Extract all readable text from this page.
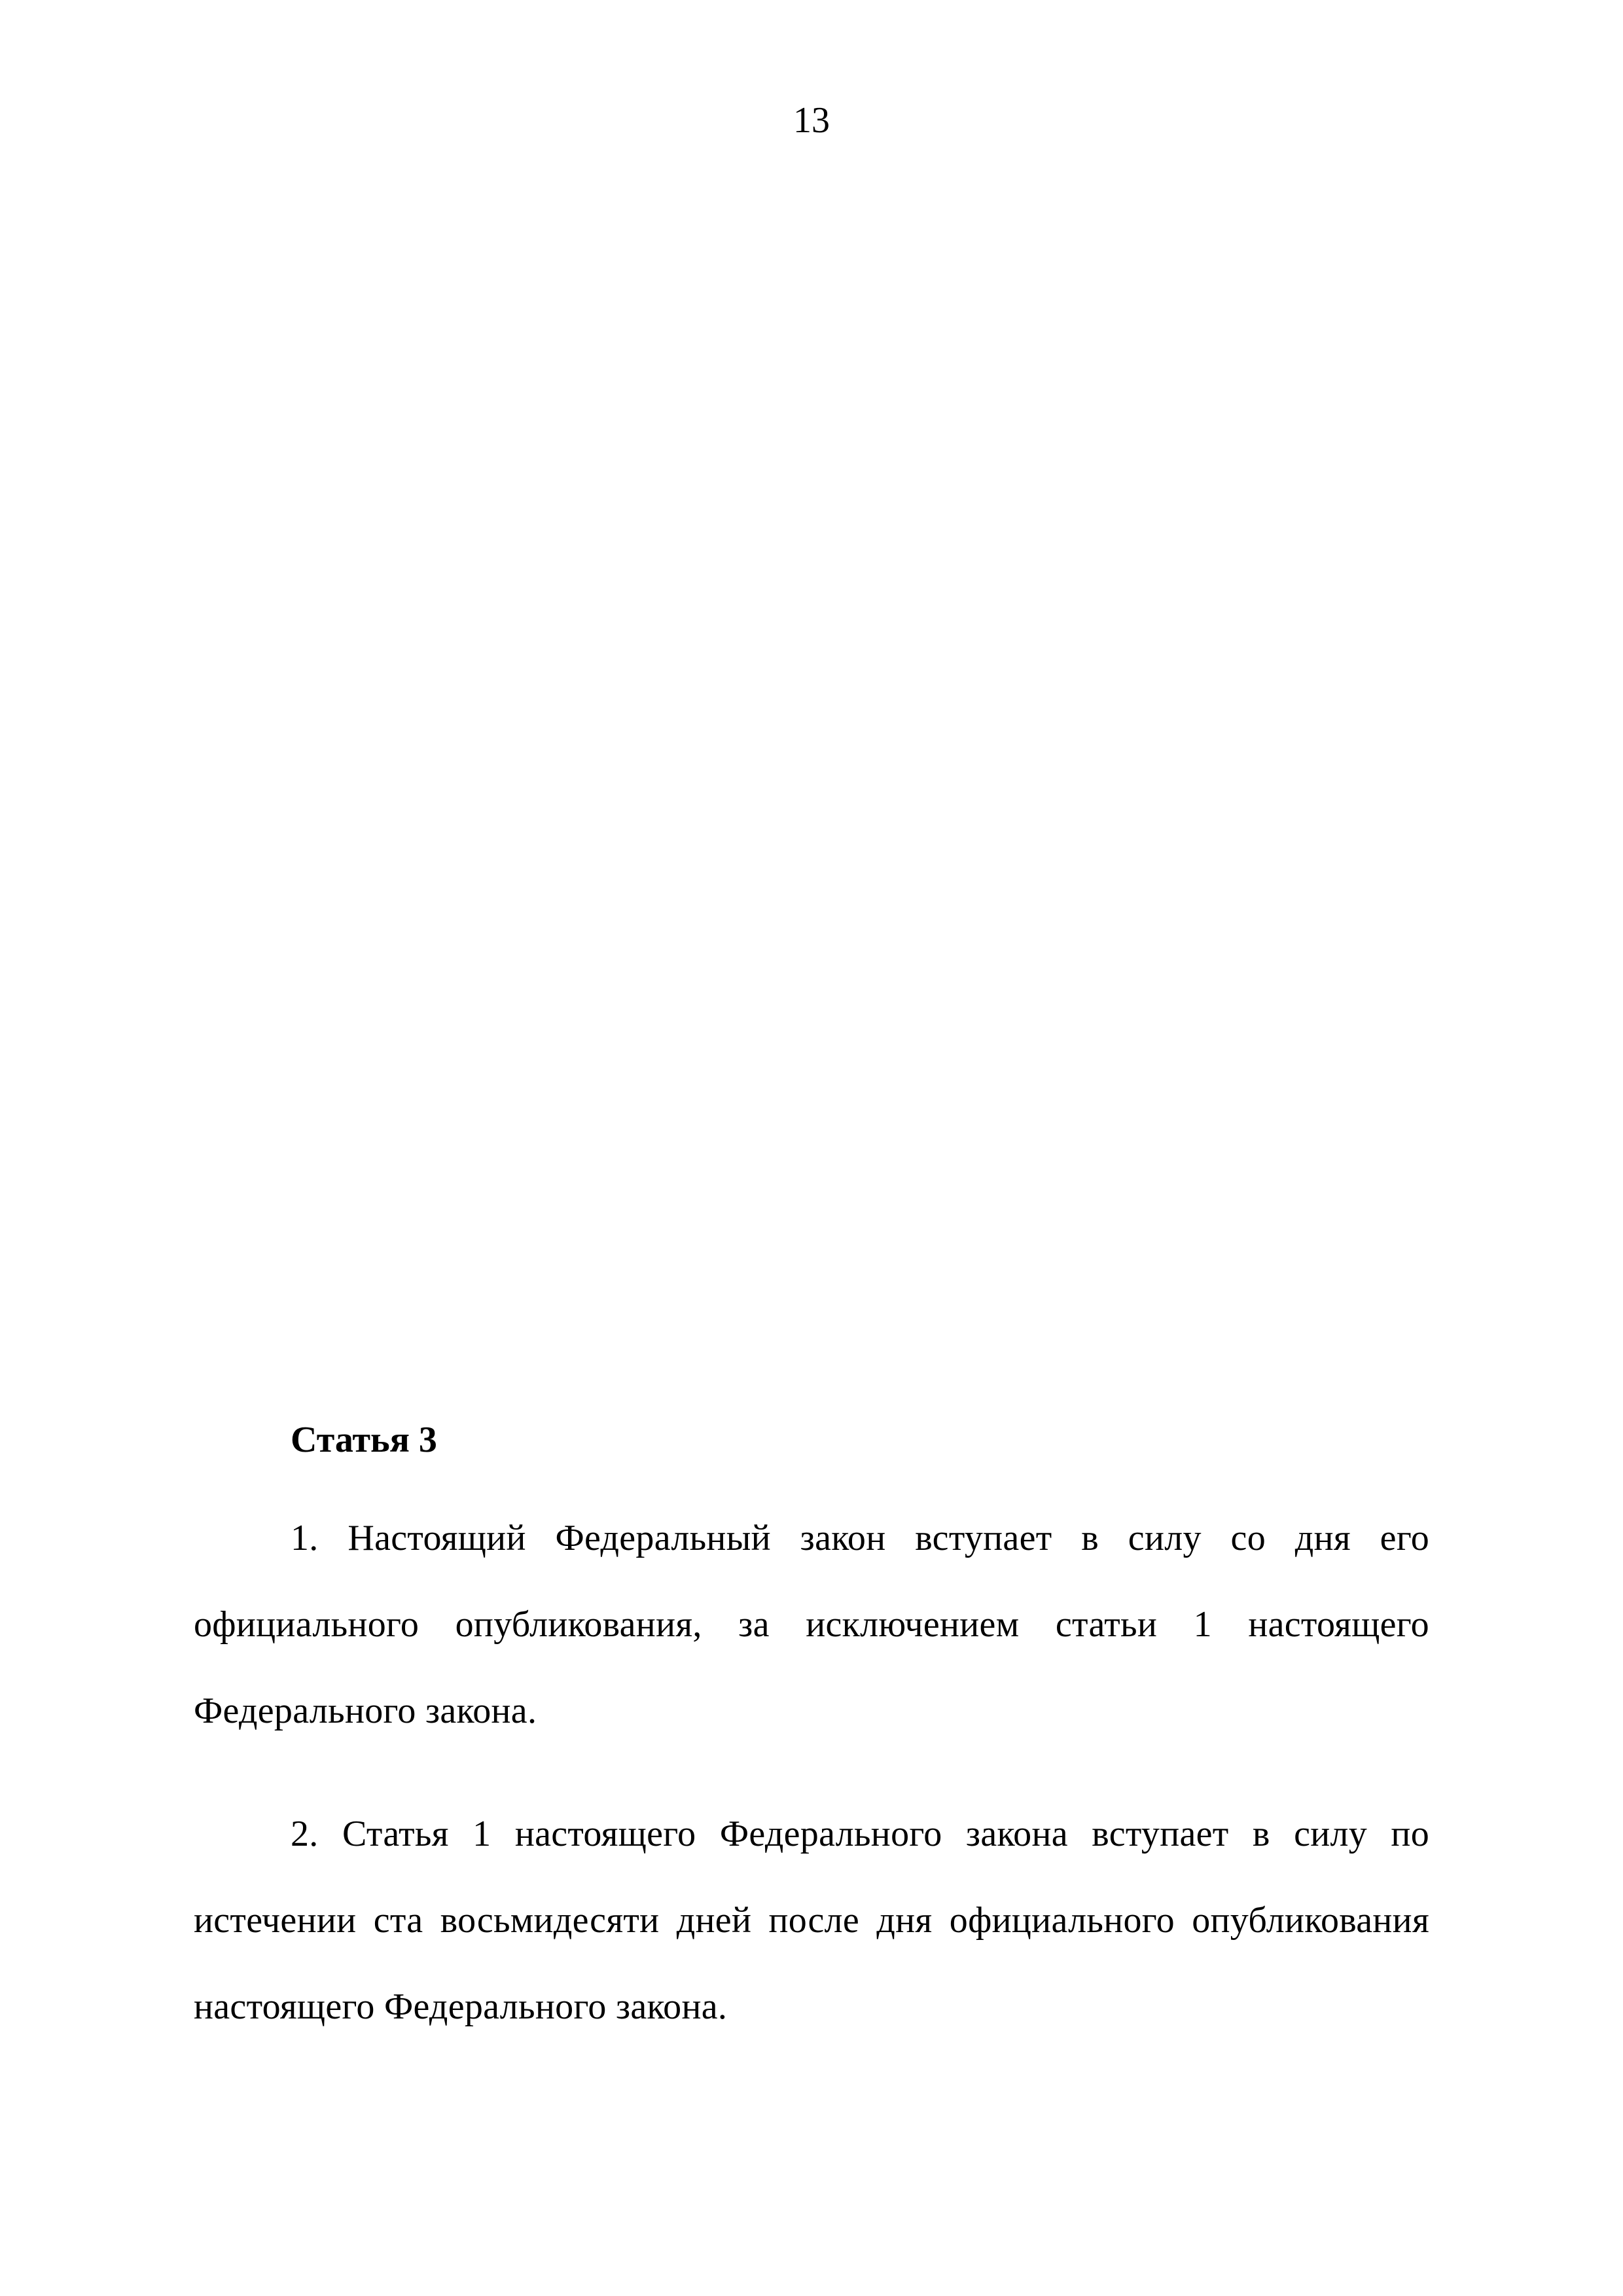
13
Статья 3

1. Настоящий Федеральный закон вступает в силу со дня его официального опубликования, за исключением статьи 1 настоящего Федерального закона.

2. Статья 1 настоящего Федерального закона вступает в силу по истечении ста восьмидесяти дней после дня официального опубликования настоящего Федерального закона.
